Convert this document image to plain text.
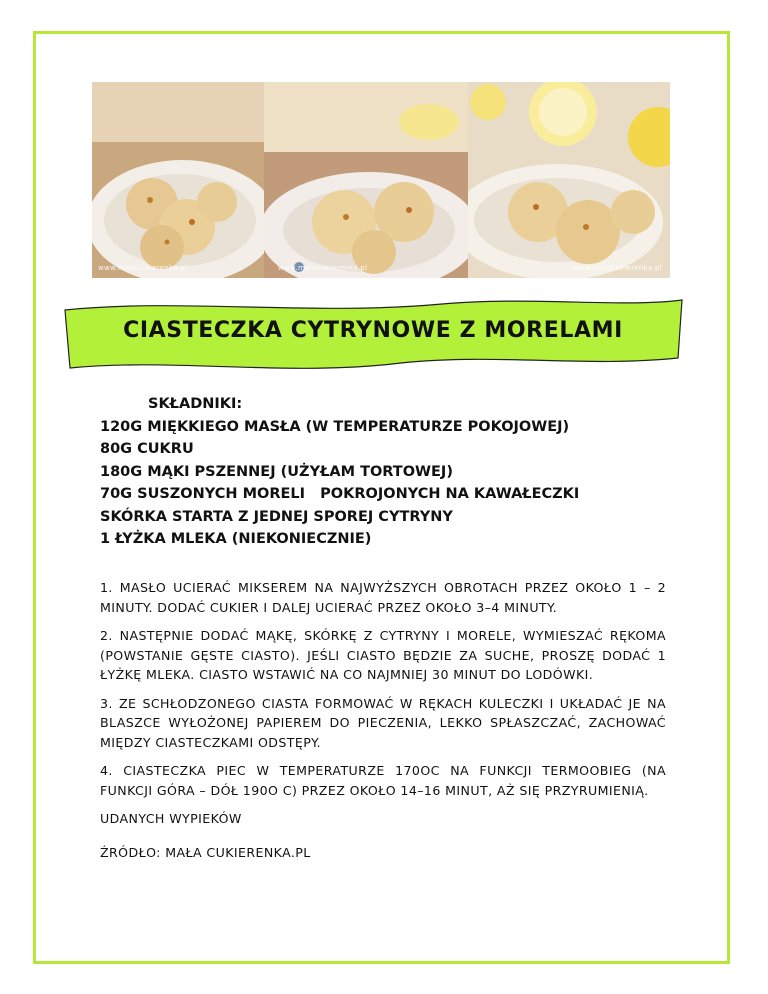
www.malacukierenka.pl	www.malacukierenka.pl	www.malacukierenka.pl
CIASTECZKA CYTRYNOWE Z MORELAMI
SKŁADNIKI:
120G MIĘKKIEGO MASŁA (W TEMPERATURZE POKOJOWEJ)
80G CUKRU
180G MĄKI PSZENNEJ (UŻYŁAM TORTOWEJ)
70G SUSZONYCH MORELI   POKROJONYCH NA KAWAŁECZKI
SKÓRKA STARTA Z JEDNEJ SPOREJ CYTRYNY
1 ŁYŻKA MLEKA (NIEKONIECZNIE)
1. MASŁO UCIERAĆ MIKSEREM NA NAJWYŻSZYCH OBROTACH PRZEZ OKOŁO 1 – 2 MINUTY. DODAĆ CUKIER I DALEJ UCIERAĆ PRZEZ OKOŁO 3–4 MINUTY.
2. NASTĘPNIE DODAĆ MĄKĘ, SKÓRKĘ Z CYTRYNY I MORELE, WYMIESZAĆ RĘKOMA (POWSTANIE GĘSTE CIASTO). JEŚLI CIASTO BĘDZIE ZA SUCHE, PROSZĘ DODAĆ 1 ŁYŻKĘ MLEKA. CIASTO WSTAWIĆ NA CO NAJMNIEJ 30 MINUT DO LODÓWKI.
3. ZE SCHŁODZONEGO CIASTA FORMOWAĆ W RĘKACH KULECZKI I UKŁADAĆ JE NA BLASZCE WYŁOŻONEJ PAPIEREM DO PIECZENIA, LEKKO SPŁASZCZAĆ, ZACHOWAĆ MIĘDZY CIASTECZKAMI ODSTĘPY.
4. CIASTECZKA PIEC W TEMPERATURZE 170OC NA FUNKCJI TERMOOBIEG (NA FUNKCJI GÓRA – DÓŁ 190O C) PRZEZ OKOŁO 14–16 MINUT, AŻ SIĘ PRZYRUMIENIĄ.
UDANYCH WYPIEKÓW
ŹRÓDŁO: MAŁA CUKIERENKA.PL
